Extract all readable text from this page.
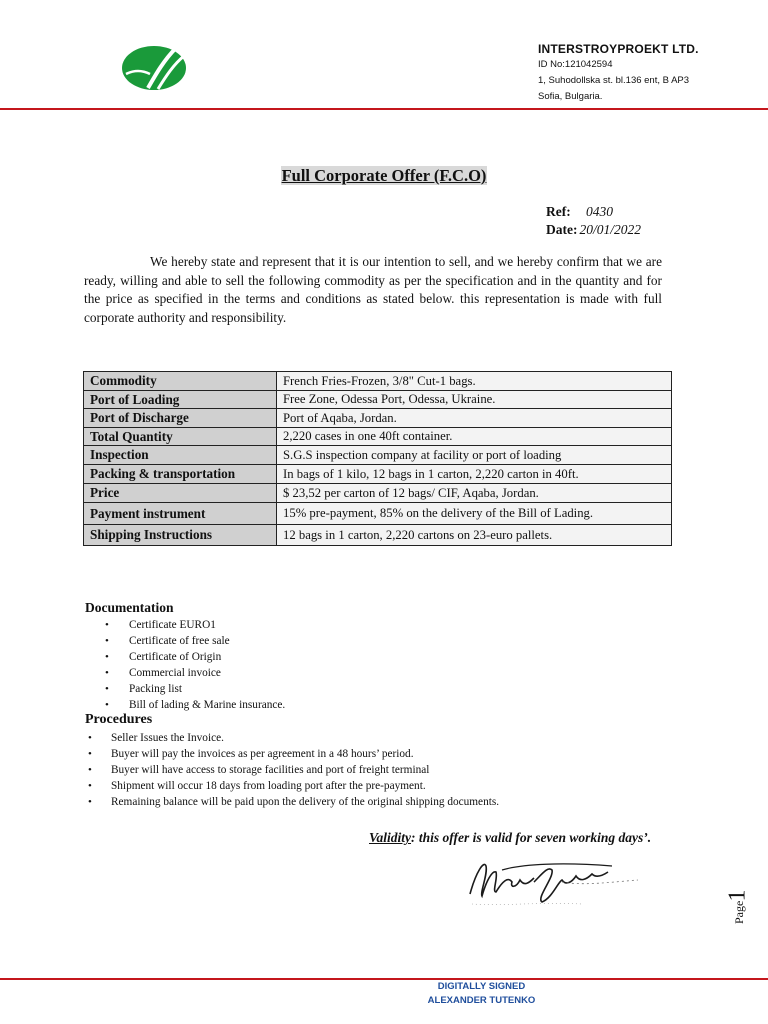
INTERSTROYPROEKT LTD.
ID No:121042594
1, Suhodollska st. bl.136 ent, B AP3
Sofia, Bulgaria.
Full Corporate Offer (F.C.O)
Ref: 0430
Date: 20/01/2022

We hereby state and represent that it is our intention to sell, and we hereby confirm that we are ready, willing and able to sell the following commodity as per the specification and in the quantity and for the price as specified in the terms and conditions as stated below. this representation is made with full corporate authority and responsibility.

Commodity	French Fries-Frozen, 3/8" Cut-1 bags.
Port of Loading	Free Zone, Odessa Port, Odessa, Ukraine.
Port of Discharge	Port of Aqaba, Jordan.
Total Quantity	2,220 cases in one 40ft container.
Inspection	S.G.S inspection company at facility or port of loading
Packing & transportation	In bags of 1 kilo, 12 bags in 1 carton, 2,220 carton in 40ft.
Price	$ 23,52 per carton of 12 bags/ CIF, Aqaba, Jordan.
Payment instrument	15% pre-payment, 85% on the delivery of the Bill of Lading.
Shipping Instructions	12 bags in 1 carton, 2,220 cartons on 23-euro pallets.
Documentation
• Certificate EURO1
• Certificate of free sale
• Certificate of Origin
• Commercial invoice
• Packing list
• Bill of lading & Marine insurance.
Procedures
• Seller Issues the Invoice.
• Buyer will pay the invoices as per agreement in a 48 hours’ period.
• Buyer will have access to storage facilities and port of freight terminal
• Shipment will occur 18 days from loading port after the pre-payment.
• Remaining balance will be paid upon the delivery of the original shipping documents.
Validity: this offer is valid for seven working days’.
Page
1
DIGITALLY SIGNED
ALEXANDER TUTENKO
